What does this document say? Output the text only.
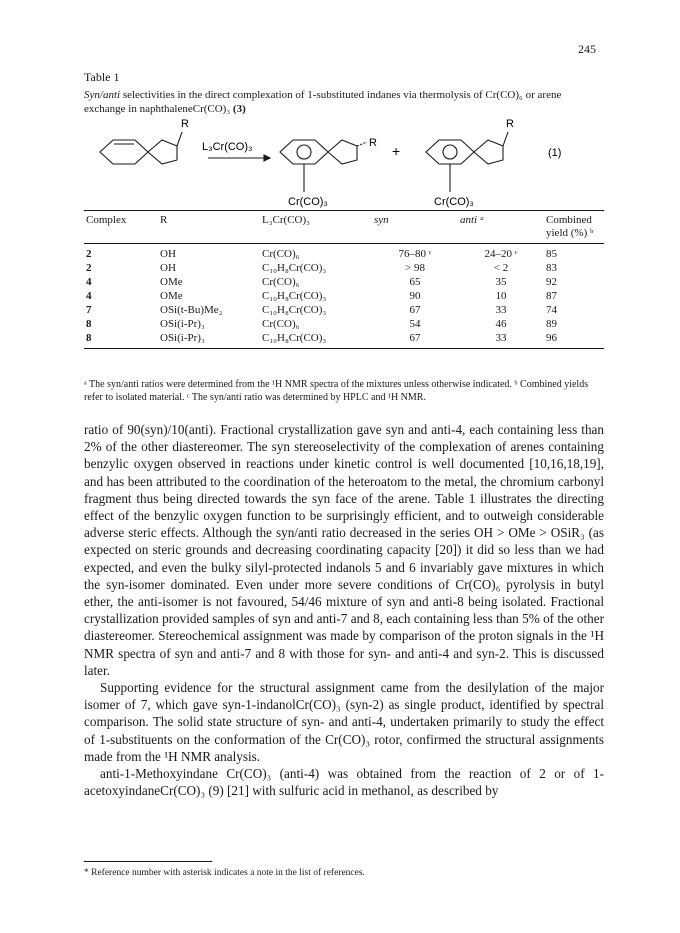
245
Table 1
Syn/anti selectivities in the direct complexation of 1-substituted indanes via thermolysis of Cr(CO)₆ or arene exchange in naphthaleneCr(CO)₃ (3)
R
L₃Cr(CO)₃	R +
R
(1)
Cr(CO)₃	Cr(CO)₃
Complex	R	L₃Cr(CO)₃	syn	anti ᵃ	Combined yield (%) ᵇ
2	OH	Cr(CO)₆	76–80 ᶜ	24–20 ᶜ	85
2	OH	C₁₀H₈Cr(CO)₃	> 98	< 2	83
4	OMe	Cr(CO)₆	65	35	92
4	OMe	C₁₀H₈Cr(CO)₃	90	10	87
7	OSi(t-Bu)Me₂	C₁₀H₈Cr(CO)₃	67	33	74
8	OSi(i-Pr)₃	Cr(CO)₆	54	46	89
8	OSi(i-Pr)₃	C₁₀H₈Cr(CO)₃	67	33	96
ᵃ The syn/anti ratios were determined from the ¹H NMR spectra of the mixtures unless otherwise indicated. ᵇ Combined yields refer to isolated material. ᶜ The syn/anti ratio was determined by HPLC and ¹H NMR.

ratio of 90(syn)/10(anti). Fractional crystallization gave syn and anti-4, each containing less than 2% of the other diastereomer. The syn stereoselectivity of the complexation of arenes containing benzylic oxygen observed in reactions under kinetic control is well documented [10,16,18,19], and has been attributed to the coordination of the heteroatom to the metal, the chromium carbonyl fragment thus being directed towards the syn face of the arene. Table 1 illustrates the directing effect of the benzylic oxygen function to be surprisingly efficient, and to outweigh considerable adverse steric effects. Although the syn/anti ratio decreased in the series OH > OMe > OSiR₃ (as expected on steric grounds and decreasing coordinating capacity [20]) it did so less than we had expected, and even the bulky silyl-protected indanols 5 and 6 invariably gave mixtures in which the syn-isomer dominated. Even under more severe conditions of Cr(CO)₆ pyrolysis in butyl ether, the anti-isomer is not favoured, 54/46 mixture of syn and anti-8 being isolated. Fractional crystallization provided samples of syn and anti-7 and 8, each containing less than 5% of the other diastereomer. Stereochemical assignment was made by comparison of the proton signals in the ¹H NMR spectra of syn and anti-7 and 8 with those for syn- and anti-4 and syn-2. This is discussed later.

Supporting evidence for the structural assignment came from the desilylation of the major isomer of 7, which gave syn-1-indanolCr(CO)₃ (syn-2) as single product, identified by spectral comparison. The solid state structure of syn- and anti-4, undertaken primarily to study the effect of 1-substituents on the conformation of the Cr(CO)₃ rotor, confirmed the structural assignments made from the ¹H NMR analysis.

anti-1-Methoxyindane Cr(CO)₃ (anti-4) was obtained from the reaction of 2 or of 1-acetoxyindaneCr(CO)₃ (9) [21] with sulfuric acid in methanol, as described by

* Reference number with asterisk indicates a note in the list of references.
